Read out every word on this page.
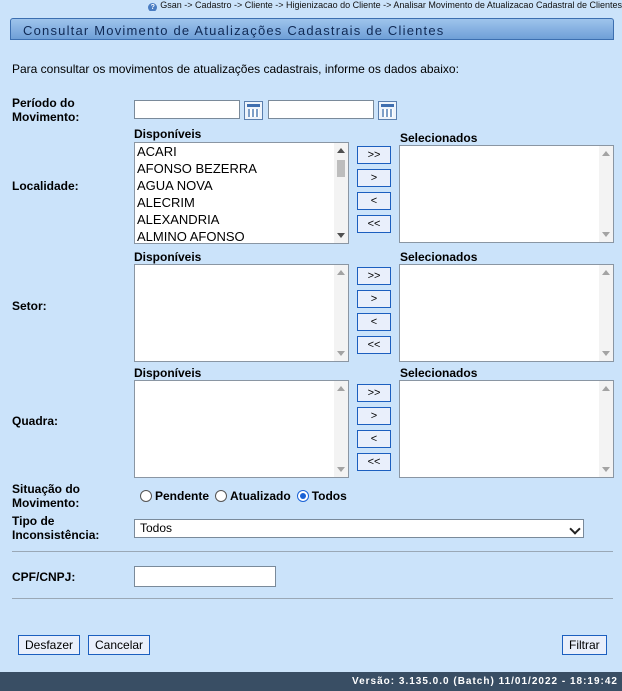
? Gsan -> Cadastro -> Cliente -> Higienizacao do Cliente -> Analisar Movimento de Atualizacao Cadastral de Clientes
Consultar Movimento de Atualizações Cadastrais de Clientes
Para consultar os movimentos de atualizações cadastrais, informe os dados abaixo:
Período do
Movimento:
Disponíveis	Selecionados
Localidade:
ACARI
AFONSO BEZERRA
AGUA NOVA
ALECRIM
ALEXANDRIA
ALMINO AFONSO
>>
>
<
<<
Disponíveis	Selecionados
Setor:
>>
>
<
<<
Disponíveis	Selecionados
Quadra:
>>
>
<
<<
Situação do
Movimento:	Pendente Atualizado Todos
Tipo de
Inconsistência:	Todos
CPF/CNPJ:
Desfazer	Cancelar	Filtrar
Versão: 3.135.0.0 (Batch) 11/01/2022 - 18:19:42
